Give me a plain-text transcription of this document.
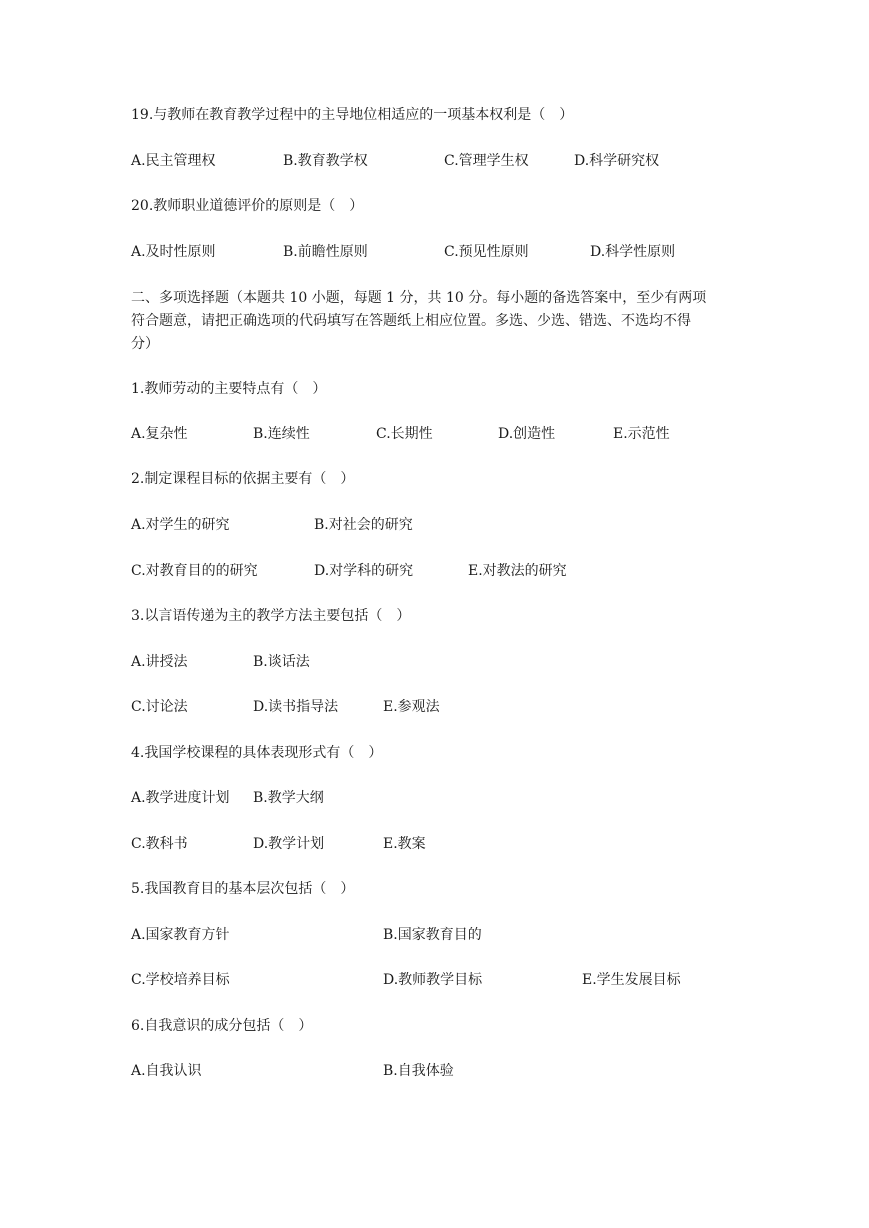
19.与教师在教育教学过程中的主导地位相适应的一项基本权利是（　）
A.民主管理权	B.教育教学权	C.管理学生权	D.科学研究权
20.教师职业道德评价的原则是（　）
A.及时性原则	B.前瞻性原则	C.预见性原则	D.科学性原则
二、多项选择题（本题共 10 小题，每题 1 分，共 10 分。每小题的备选答案中，至少有两项
符合题意，请把正确选项的代码填写在答题纸上相应位置。多选、少选、错选、不选均不得
分）
1.教师劳动的主要特点有（　）
A.复杂性	B.连续性	C.长期性	D.创造性	E.示范性
2.制定课程目标的依据主要有（　）
A.对学生的研究	B.对社会的研究
C.对教育目的的研究	D.对学科的研究	E.对教法的研究
3.以言语传递为主的教学方法主要包括（　）
A.讲授法	B.谈话法
C.讨论法	D.读书指导法	E.参观法
4.我国学校课程的具体表现形式有（　）
A.教学进度计划 B.教学大纲
C.教科书	D.教学计划	E.教案
5.我国教育目的基本层次包括（　）
A.国家教育方针	B.国家教育目的
C.学校培养目标	D.教师教学目标	E.学生发展目标
6.自我意识的成分包括（　）
A.自我认识	B.自我体验
